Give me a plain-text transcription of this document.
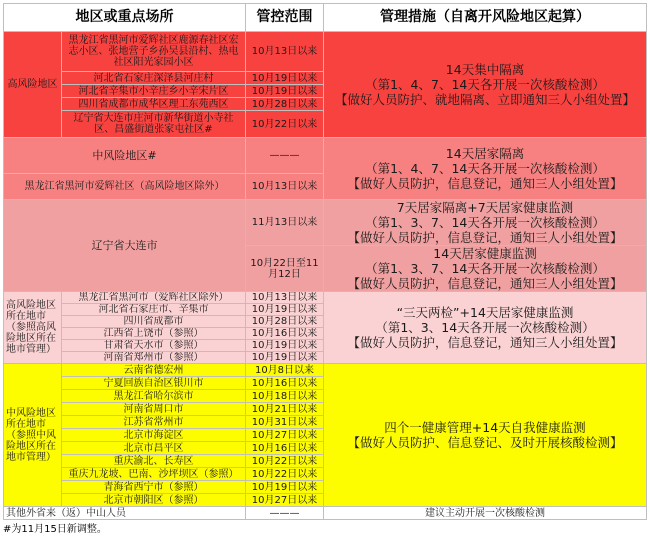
地区或重点场所		管控范围	管理措施（自离开风险地区起算）
高风险地区	黑龙江省黑河市爱辉社区鹿源春社区宏志小区、张地营子乡孙吴县沿村、热电社区阳光家园小区	10月13日以来	14天集中隔离
（第1、4、7、14天各开展一次核酸检测）
【做好人员防护、就地隔离、立即通知三人小组处置】

	河北省石家庄深泽县河庄村	10月19日以来	
	河北省辛集市小辛庄乡小辛宋片区	10月19日以来	
	四川省成都市成华区理工东苑西区	10月28日以来	
	辽宁省大连市庄河市新华街道小寺社区、昌盛街道张家屯社区#	10月22日以来	
中风险地区#		———	14天居家隔离
（第1、4、7、14天各开展一次核酸检测）
【做好人员防护，信息登记，通知三人小组处置】

黑龙江省黑河市爱辉社区（高风险地区除外）		10月13日以来	
辽宁省大连市		11月13日以来	7天居家隔离+7天居家健康监测
（第1、3、7、14天各开展一次核酸检测）
【做好人员防护，信息登记，通知三人小组处置】

		10月22日至11月12日	14天居家健康监测
（第1、3、7、14天各开展一次核酸检测）
【做好人员防护，信息登记，通知三人小组处置】

高风险地区所在地市（参照高风险地区所在地市管理）	黑龙江省黑河市（爱辉社区除外）	10月13日以来	“三天两检”+14天居家健康监测
（第1、3、14天各开展一次核酸检测）
【做好人员防护，信息登记，通知三人小组处置】

	河北省石家庄市、辛集市	10月19日以来	
	四川省成都市	10月28日以来	
	江西省上饶市（参照）	10月16日以来	
	甘肃省天水市（参照）	10月19日以来	
	河南省郑州市（参照）	10月19日以来	
中风险地区所在地市（参照中风险地区所在地市管理）	云南省德宏州	10月8日以来	四个一健康管理+14天自我健康监测
【做好人员防护、信息登记、及时开展核酸检测】

	宁夏回族自治区银川市	10月16日以来	
	黑龙江省哈尔滨市	10月18日以来	
	河南省周口市	10月21日以来	
	江苏省常州市	10月31日以来	
	北京市海淀区	10月27日以来	
	北京市昌平区	10月16日以来	
	重庆渝北、长寿区	10月22日以来	
	重庆九龙坡、巴南、沙坪坝区（参照）	10月22日以来	
	青海省西宁市（参照）	10月19日以来	
	北京市朝阳区（参照）	10月27日以来	
其他外省来（返）中山人员		———	建议主动开展一次核酸检测
#为11月15日新调整。
